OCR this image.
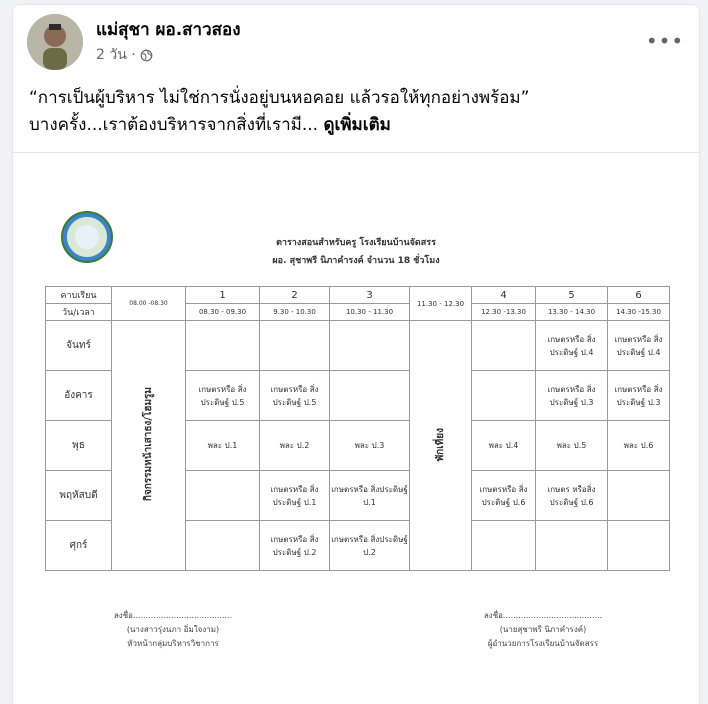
แม่สุชา ผอ.สาวสอง
2 วัน ·
•••
“การเป็นผู้บริหาร ไม่ใช่การนั่งอยู่บนหอคอย แล้วรอให้ทุกอย่างพร้อม”
บางครั้ง...เราต้องบริหารจากสิ่งที่เรามี... ดูเพิ่มเติม
ตารางสอนสำหรับครู โรงเรียนบ้านจัดสรร
ผอ. สุชาพรี นิภาคำรงค์ จำนวน 18 ชั่วโมง
คาบเรียน	08.00 -08.30	1	2	3	11.30 - 12.30	4	5	6
วัน/เวลา		08.30 - 09.30	9.30 - 10.30	10.30 - 11.30		12.30 -13.30	13.30 - 14.30	14.30 -15.30
จันทร์	กิจกรรมหน้าเสาธง/โฮมรูม				พักเที่ยง		เกษตรหรือ สิ่งประดิษฐ์ ป.4	เกษตรหรือ สิ่งประดิษฐ์ ป.4
อังคาร		เกษตรหรือ สิ่งประดิษฐ์ ป.5	เกษตรหรือ สิ่งประดิษฐ์ ป.5				เกษตรหรือ สิ่งประดิษฐ์ ป.3	เกษตรหรือ สิ่งประดิษฐ์ ป.3
พุธ		พละ ป.1	พละ ป.2	พละ ป.3		พละ ป.4	พละ ป.5	พละ ป.6
พฤหัสบดี			เกษตรหรือ สิ่งประดิษฐ์ ป.1	เกษตรหรือ สิ่งประดิษฐ์ ป.1		เกษตรหรือ สิ่งประดิษฐ์ ป.6	เกษตร หรือสิ่งประดิษฐ์ ป.6	
ศุกร์			เกษตรหรือ สิ่งประดิษฐ์ ป.2	เกษตรหรือ สิ่งประดิษฐ์ ป.2				
ลงชื่อ.......................................
(นางสาวรุ่งนภา อิ่มใจงาม)
หัวหน้ากลุ่มบริหารวิชาการ
ลงชื่อ.......................................
(นายสุชาพรี นิภาคำรงค์)
ผู้อำนวยการโรงเรียนบ้านจัดสรร
